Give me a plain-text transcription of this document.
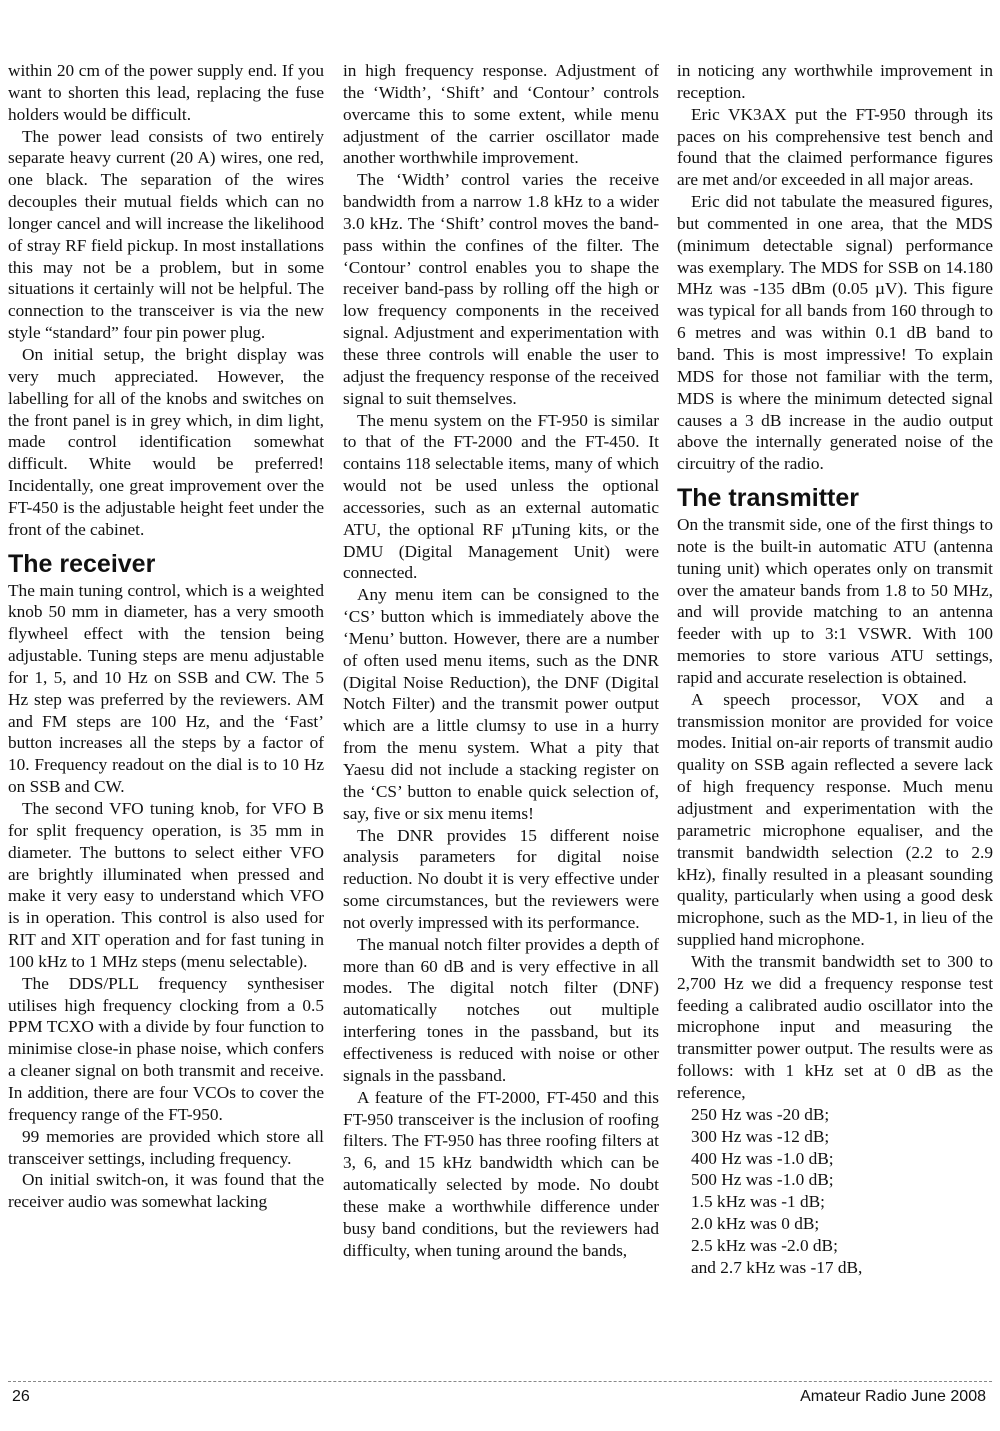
within 20 cm of the power supply end. If you want to shorten this lead, replacing the fuse holders would be difficult.

The power lead consists of two entirely separate heavy current (20 A) wires, one red, one black. The separation of the wires decouples their mutual fields which can no longer cancel and will increase the likelihood of stray RF field pickup. In most installations this may not be a problem, but in some situations it certainly will not be helpful. The connection to the transceiver is via the new style “standard” four pin power plug.

On initial setup, the bright display was very much appreciated. However, the labelling for all of the knobs and switches on the front panel is in grey which, in dim light, made control identification somewhat difficult. White would be preferred! Incidentally, one great improvement over the FT-450 is the adjustable height feet under the front of the cabinet.

The receiver

The main tuning control, which is a weighted knob 50 mm in diameter, has a very smooth flywheel effect with the tension being adjustable. Tuning steps are menu adjustable for 1, 5, and 10 Hz on SSB and CW. The 5 Hz step was preferred by the reviewers. AM and FM steps are 100 Hz, and the ‘Fast’ button increases all the steps by a factor of 10. Frequency readout on the dial is to 10 Hz on SSB and CW.

The second VFO tuning knob, for VFO B for split frequency operation, is 35 mm in diameter. The buttons to select either VFO are brightly illuminated when pressed and make it very easy to understand which VFO is in operation. This control is also used for RIT and XIT operation and for fast tuning in 100 kHz to 1 MHz steps (menu selectable).

The DDS/PLL frequency synthesiser utilises high frequency clocking from a 0.5 PPM TCXO with a divide by four function to minimise close-in phase noise, which confers a cleaner signal on both transmit and receive. In addition, there are four VCOs to cover the frequency range of the FT-950.

99 memories are provided which store all transceiver settings, including frequency.

On initial switch-on, it was found that the receiver audio was somewhat lacking

in high frequency response. Adjustment of the ‘Width’, ‘Shift’ and ‘Contour’ controls overcame this to some extent, while menu adjustment of the carrier oscillator made another worthwhile improvement.

The ‘Width’ control varies the receive bandwidth from a narrow 1.8 kHz to a wider 3.0 kHz. The ‘Shift’ control moves the band-pass within the confines of the filter. The ‘Contour’ control enables you to shape the receiver band-pass by rolling off the high or low frequency components in the received signal. Adjustment and experimentation with these three controls will enable the user to adjust the frequency response of the received signal to suit themselves.

The menu system on the FT-950 is similar to that of the FT-2000 and the FT-450. It contains 118 selectable items, many of which would not be used unless the optional accessories, such as an external automatic ATU, the optional RF µTuning kits, or the DMU (Digital Management Unit) were connected.

Any menu item can be consigned to the ‘CS’ button which is immediately above the ‘Menu’ button. However, there are a number of often used menu items, such as the DNR (Digital Noise Reduction), the DNF (Digital Notch Filter) and the transmit power output which are a little clumsy to use in a hurry from the menu system. What a pity that Yaesu did not include a stacking register on the ‘CS’ button to enable quick selection of, say, five or six menu items!

The DNR provides 15 different noise analysis parameters for digital noise reduction. No doubt it is very effective under some circumstances, but the reviewers were not overly impressed with its performance.

The manual notch filter provides a depth of more than 60 dB and is very effective in all modes. The digital notch filter (DNF) automatically notches out multiple interfering tones in the passband, but its effectiveness is reduced with noise or other signals in the passband.

A feature of the FT-2000, FT-450 and this FT-950 transceiver is the inclusion of roofing filters. The FT-950 has three roofing filters at 3, 6, and 15 kHz bandwidth which can be automatically selected by mode. No doubt these make a worthwhile difference under busy band conditions, but the reviewers had difficulty, when tuning around the bands,

in noticing any worthwhile improvement in reception.

Eric VK3AX put the FT-950 through its paces on his comprehensive test bench and found that the claimed performance figures are met and/or exceeded in all major areas.

Eric did not tabulate the measured figures, but commented in one area, that the MDS (minimum detectable signal) performance was exemplary. The MDS for SSB on 14.180 MHz was -135 dBm (0.05 µV). This figure was typical for all bands from 160 through to 6 metres and was within 0.1 dB band to band. This is most impressive! To explain MDS for those not familiar with the term, MDS is where the minimum detected signal causes a 3 dB increase in the audio output above the internally generated noise of the circuitry of the radio.

The transmitter

On the transmit side, one of the first things to note is the built-in automatic ATU (antenna tuning unit) which operates only on transmit over the amateur bands from 1.8 to 50 MHz, and will provide matching to an antenna feeder with up to 3:1 VSWR. With 100 memories to store various ATU settings, rapid and accurate reselection is obtained.

A speech processor, VOX and a transmission monitor are provided for voice modes. Initial on-air reports of transmit audio quality on SSB again reflected a severe lack of high frequency response. Much menu adjustment and experimentation with the parametric microphone equaliser, and the transmit bandwidth selection (2.2 to 2.9 kHz), finally resulted in a pleasant sounding quality, particularly when using a good desk microphone, such as the MD-1, in lieu of the supplied hand microphone.

With the transmit bandwidth set to 300 to 2,700 Hz we did a frequency response test feeding a calibrated audio oscillator into the microphone input and measuring the transmitter power output. The results were as follows: with 1 kHz set at 0 dB as the reference,

250 Hz was -20 dB;
300 Hz was -12 dB;
400 Hz was -1.0 dB;
500 Hz was -1.0 dB;
1.5 kHz was -1 dB;
2.0 kHz was 0 dB;
2.5 kHz was -2.0 dB;
and 2.7 kHz was -17 dB,
26	Amateur Radio June 2008
